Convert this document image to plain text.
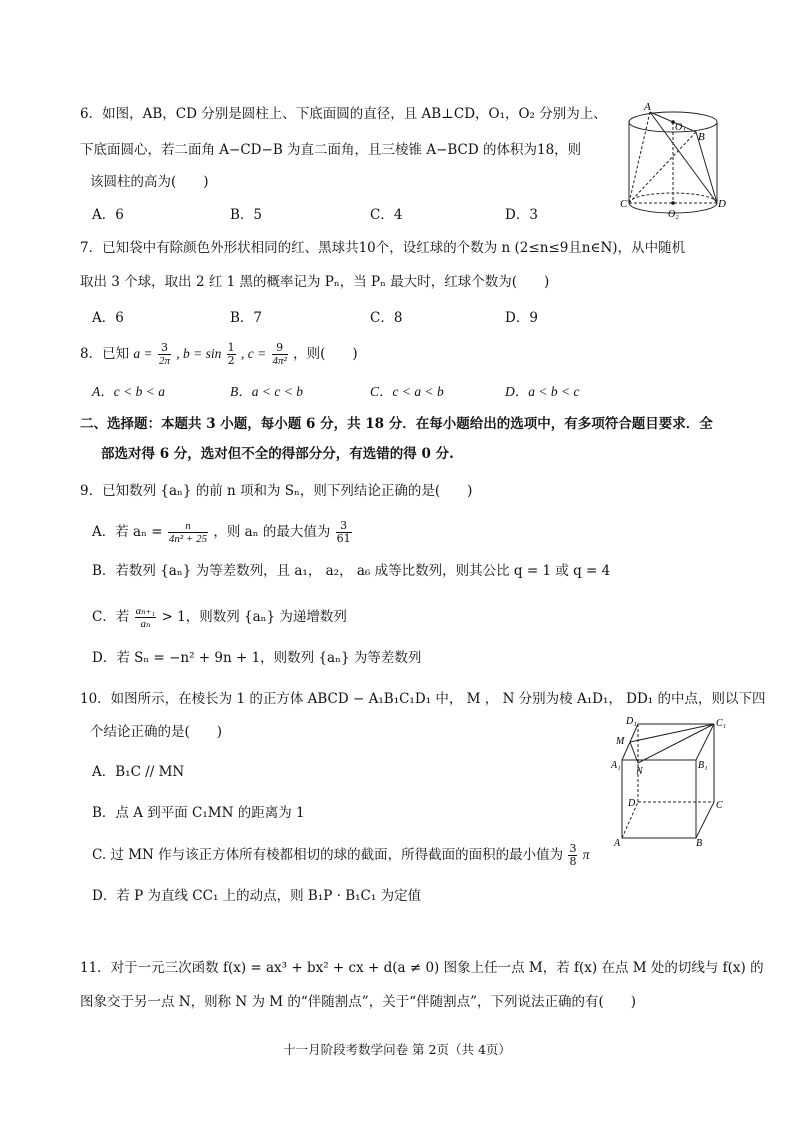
6．如图，AB，CD 分别是圆柱上、下底面圆的直径，且 AB⊥CD，O₁，O₂ 分别为上、
下底面圆心，若二面角 A−CD−B 为直二面角，且三棱锥 A−BCD 的体积为18，则
该圆柱的高为(　　)
A．6	B．5	C．4	D．3
A
O₁
B
C
O₂
D
7．已知袋中有除颜色外形状相同的红、黑球共10个，设红球的个数为 n (2≤n≤9且n∈N)，从中随机
取出 3 个球，取出 2 红 1 黑的概率记为 Pₙ，当 Pₙ 最大时，红球个数为(　　)
A．6	B．7	C．8	D．9
8．已知 $a = \frac{3}{2\pi}$ , $b = \sin \frac{1}{2}$ , $c = \frac{9}{\text{4π²}}$ ，则(　　)
A．c < b < a	B．a < c < b	C．c < a < b	D．a < b < c
二、选择题：本题共 3 小题，每小题 6 分，共 18 分．在每小题给出的选项中，有多项符合题目要求．全
部选对得 6 分，选对但不全的得部分分，有选错的得 0 分.
9．已知数列 {aₙ} 的前 n 项和为 Sₙ，则下列结论正确的是(　　)
A．若 $a_n = \frac{n}{\text{4n² + 25}}$ ，则 aₙ 的最大值为 $\frac{3}{61}$
B．若数列 {aₙ} 为等差数列，且 a₁， a₂， a₆ 成等比数列，则其公比 q = 1 或 q = 4
C．若 $\frac{\text{aₙ₊₁}}{\text{aₙ}} > 1$，则数列 {aₙ} 为递增数列
D．若 Sₙ = −n² + 9n + 1，则数列 {aₙ} 为等差数列
10．如图所示，在棱长为 1 的正方体 ABCD − A₁B₁C₁D₁ 中， M ， N 分别为棱 A₁D₁， DD₁ 的中点，则以下四
个结论正确的是(　　)
A．B₁C // MN
B．点 A 到平面 C₁MN 的距离为 1
C. 过 MN 作与该正方体所有棱都相切的球的截面，所得截面的面积的最小值为 $\frac{3}{8}$ π
D．若 P 为直线 CC₁ 上的动点，则 B₁P · B₁C₁ 为定值
D₁	C₁
M
A₁
N
B₁
D	C
A	B
11．对于一元三次函数 f(x) = ax³ + bx² + cx + d(a ≠ 0) 图象上任一点 M，若 f(x) 在点 M 处的切线与 f(x) 的
图象交于另一点 N，则称 N 为 M 的“伴随割点”，关于“伴随割点”，下列说法正确的有(　　)
十一月阶段考数学问卷 第 2页（共 4页）
